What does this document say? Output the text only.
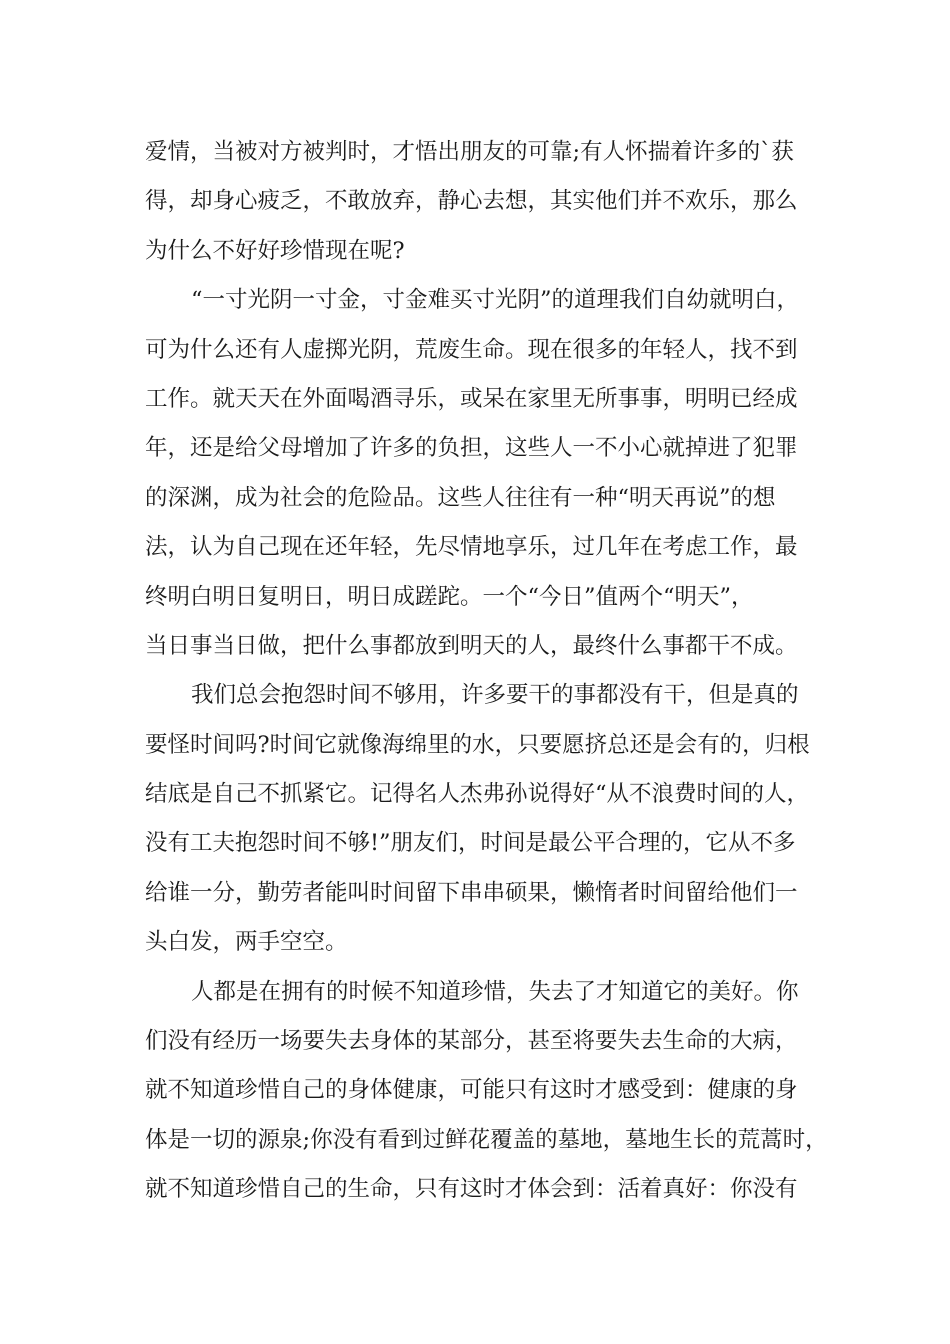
爱情，当被对方被判时，才悟出朋友的可靠;有人怀揣着许多的`获
得，却身心疲乏，不敢放弃，静心去想，其实他们并不欢乐，那么
为什么不好好珍惜现在呢?
“一寸光阴一寸金，寸金难买寸光阴”的道理我们自幼就明白，
可为什么还有人虚掷光阴，荒废生命。现在很多的年轻人，找不到
工作。就天天在外面喝酒寻乐，或呆在家里无所事事，明明已经成
年，还是给父母增加了许多的负担，这些人一不小心就掉进了犯罪
的深渊，成为社会的危险品。这些人往往有一种“明天再说”的想
法，认为自己现在还年轻，先尽情地享乐，过几年在考虑工作，最
终明白明日复明日，明日成蹉跎。一个“今日”值两个“明天”，
当日事当日做，把什么事都放到明天的人，最终什么事都干不成。
我们总会抱怨时间不够用，许多要干的事都没有干，但是真的
要怪时间吗?时间它就像海绵里的水，只要愿挤总还是会有的，归根
结底是自己不抓紧它。记得名人杰弗孙说得好“从不浪费时间的人，
没有工夫抱怨时间不够!”朋友们，时间是最公平合理的，它从不多
给谁一分，勤劳者能叫时间留下串串硕果，懒惰者时间留给他们一
头白发，两手空空。
人都是在拥有的时候不知道珍惜，失去了才知道它的美好。你
们没有经历一场要失去身体的某部分，甚至将要失去生命的大病，
就不知道珍惜自己的身体健康，可能只有这时才感受到：健康的身
体是一切的源泉;你没有看到过鲜花覆盖的墓地，墓地生长的荒蒿时，
就不知道珍惜自己的生命，只有这时才体会到：活着真好：你没有
